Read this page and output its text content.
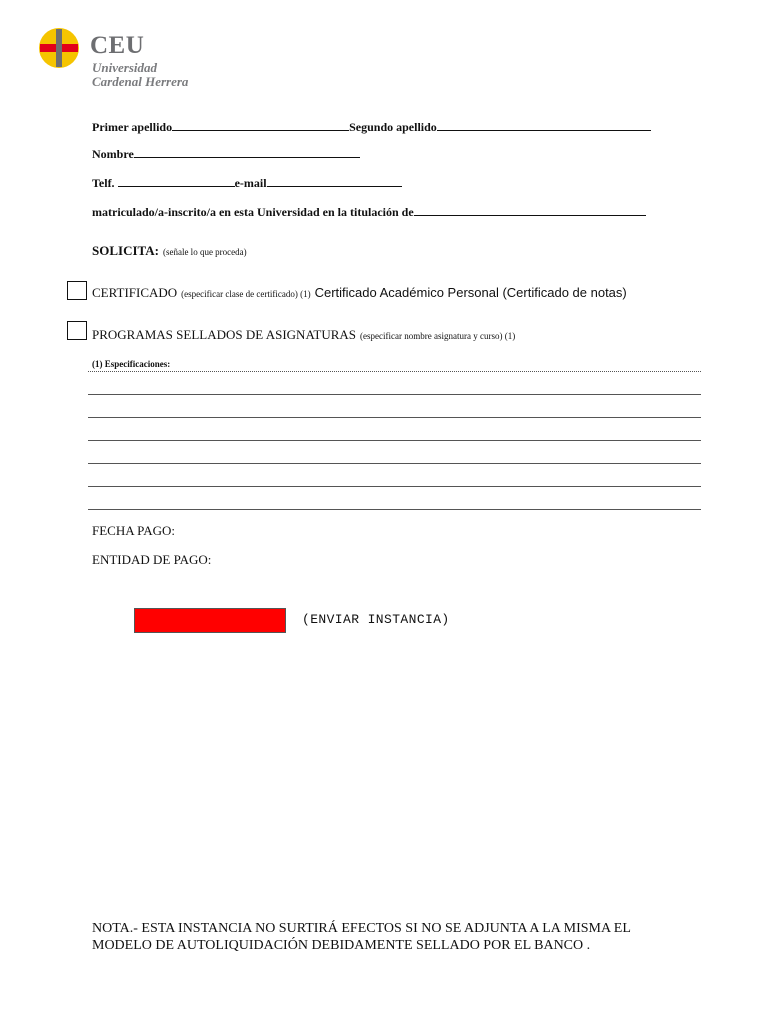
CEU
Universidad
Cardenal Herrera
Primer apellido	Segundo apellido
Nombre
Telf.	e-mail
matriculado/a-inscrito/a en esta Universidad en la titulación de
SOLICITA: (señale lo que proceda)
CERTIFICADO (especificar clase de certificado) (1) Certificado Académico Personal (Certificado de notas)
PROGRAMAS SELLADOS DE ASIGNATURAS (especificar nombre asignatura y curso) (1)
(1) Especificaciones:
FECHA PAGO:
ENTIDAD DE PAGO:
(ENVIAR INSTANCIA)
NOTA.- ESTA INSTANCIA NO SURTIRÁ EFECTOS SI NO SE ADJUNTA A LA MISMA EL
MODELO DE AUTOLIQUIDACIÓN DEBIDAMENTE SELLADO POR EL BANCO .
